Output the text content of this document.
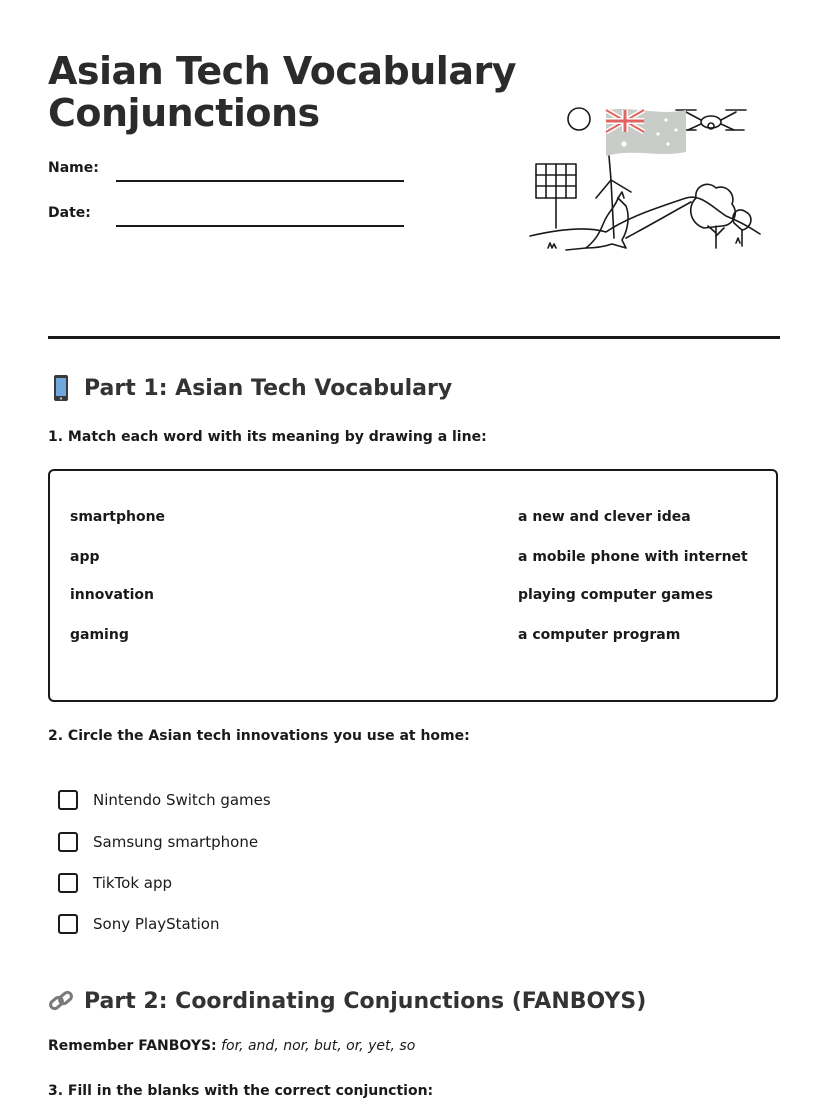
Asian Tech Vocabulary
Conjunctions
Name:
Date:
Part 1: Asian Tech Vocabulary

1. Match each word with its meaning by drawing a line:

smartphone
app
innovation
gaming
a new and clever idea
a mobile phone with internet
playing computer games
a computer program

2. Circle the Asian tech innovations you use at home:

Nintendo Switch games
Samsung smartphone
TikTok app
Sony PlayStation
Part 2: Coordinating Conjunctions (FANBOYS)

Remember FANBOYS: for, and, nor, but, or, yet, so

3. Fill in the blanks with the correct conjunction:
